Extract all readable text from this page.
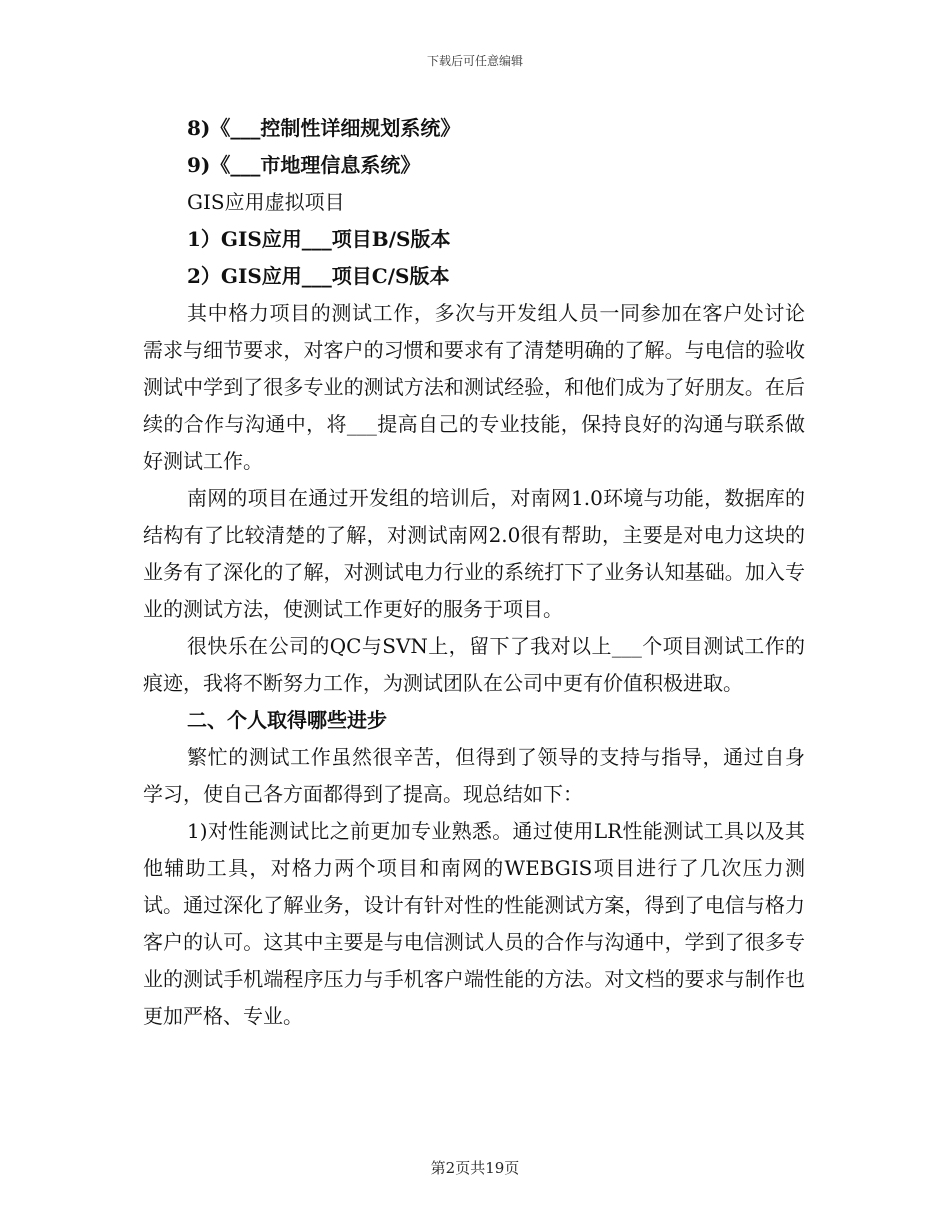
下载后可任意编辑
8)《___控制性详细规划系统》
9)《___市地理信息系统》
GIS应用虚拟项目
1）GIS应用___项目B/S版本
2）GIS应用___项目C/S版本
其中格力项目的测试工作，多次与开发组人员一同参加在客户处讨论需求与细节要求，对客户的习惯和要求有了清楚明确的了解。与电信的验收测试中学到了很多专业的测试方法和测试经验，和他们成为了好朋友。在后续的合作与沟通中，将___提高自己的专业技能，保持良好的沟通与联系做好测试工作。
南网的项目在通过开发组的培训后，对南网1.0环境与功能，数据库的结构有了比较清楚的了解，对测试南网2.0很有帮助，主要是对电力这块的业务有了深化的了解，对测试电力行业的系统打下了业务认知基础。加入专业的测试方法，使测试工作更好的服务于项目。
很快乐在公司的QC与SVN上，留下了我对以上___个项目测试工作的痕迹，我将不断努力工作，为测试团队在公司中更有价值积极进取。
二、个人取得哪些进步
繁忙的测试工作虽然很辛苦，但得到了领导的支持与指导，通过自身学习，使自己各方面都得到了提高。现总结如下：
1)对性能测试比之前更加专业熟悉。通过使用LR性能测试工具以及其他辅助工具，对格力两个项目和南网的WEBGIS项目进行了几次压力测试。通过深化了解业务，设计有针对性的性能测试方案，得到了电信与格力客户的认可。这其中主要是与电信测试人员的合作与沟通中，学到了很多专业的测试手机端程序压力与手机客户端性能的方法。对文档的要求与制作也更加严格、专业。
第2页共19页
